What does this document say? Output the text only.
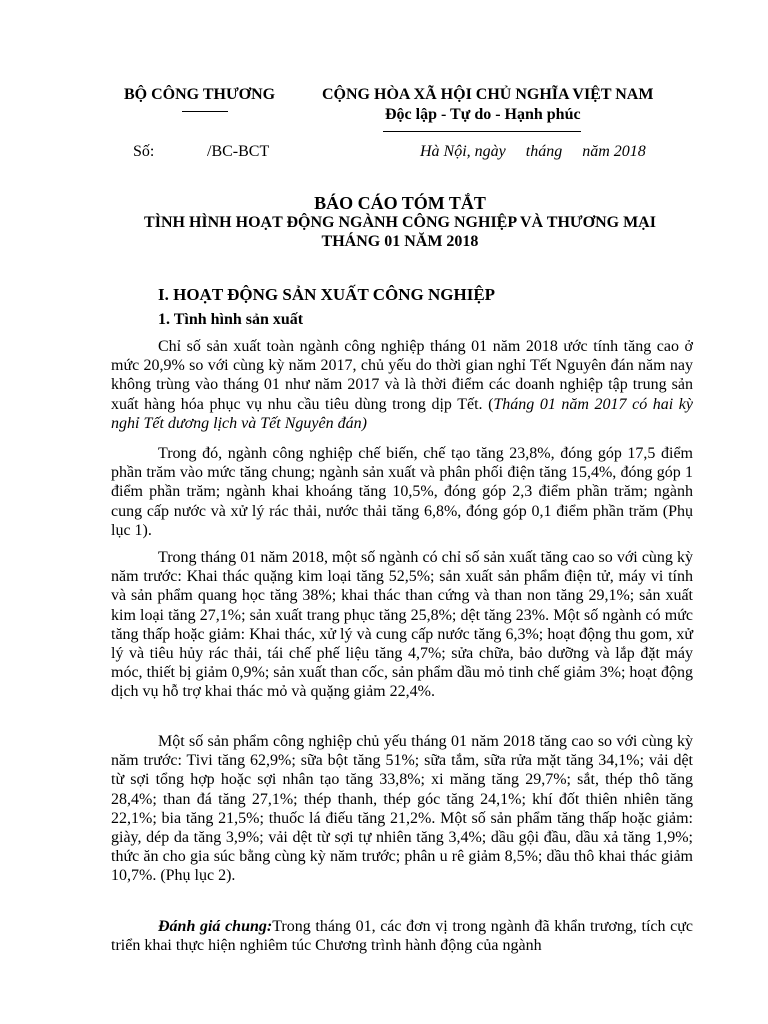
BỘ CÔNG THƯƠNG	CỘNG HÒA XÃ HỘI CHỦ NGHĨA VIỆT NAM
Độc lập - Tự do - Hạnh phúc
Số:	/BC-BCT	Hà Nội, ngày     tháng     năm 2018
BÁO CÁO TÓM TẮT
TÌNH HÌNH HOẠT ĐỘNG NGÀNH CÔNG NGHIỆP VÀ THƯƠNG MẠI
THÁNG 01 NĂM 2018
I. HOẠT ĐỘNG SẢN XUẤT CÔNG NGHIỆP
1. Tình hình sản xuất

Chỉ số sản xuất toàn ngành công nghiệp tháng 01 năm 2018 ước tính tăng cao ở mức 20,9% so với cùng kỳ năm 2017, chủ yếu do thời gian nghỉ Tết Nguyên đán năm nay không trùng vào tháng 01 như năm 2017 và là thời điểm các doanh nghiệp tập trung sản xuất hàng hóa phục vụ nhu cầu tiêu dùng trong dịp Tết. (Tháng 01 năm 2017 có hai kỳ nghỉ Tết dương lịch và Tết Nguyên đán)

Trong đó, ngành công nghiệp chế biến, chế tạo tăng 23,8%, đóng góp 17,5 điểm phần trăm vào mức tăng chung; ngành sản xuất và phân phối điện tăng 15,4%, đóng góp 1 điểm phần trăm; ngành khai khoáng tăng 10,5%, đóng góp 2,3 điểm phần trăm; ngành cung cấp nước và xử lý rác thải, nước thải tăng 6,8%, đóng góp 0,1 điểm phần trăm (Phụ lục 1).

Trong tháng 01 năm 2018, một số ngành có chỉ số sản xuất tăng cao so với cùng kỳ năm trước: Khai thác quặng kim loại tăng 52,5%; sản xuất sản phẩm điện tử, máy vi tính và sản phẩm quang học tăng 38%; khai thác than cứng và than non tăng 29,1%; sản xuất kim loại tăng 27,1%; sản xuất trang phục tăng 25,8%; dệt tăng 23%. Một số ngành có mức tăng thấp hoặc giảm: Khai thác, xử lý và cung cấp nước tăng 6,3%; hoạt động thu gom, xử lý và tiêu hủy rác thải, tái chế phế liệu tăng 4,7%; sửa chữa, bảo dưỡng và lắp đặt máy móc, thiết bị giảm 0,9%; sản xuất than cốc, sản phẩm dầu mỏ tinh chế giảm 3%; hoạt động dịch vụ hỗ trợ khai thác mỏ và quặng giảm 22,4%.

Một số sản phẩm công nghiệp chủ yếu tháng 01 năm 2018 tăng cao so với cùng kỳ năm trước: Tivi tăng 62,9%; sữa bột tăng 51%; sữa tắm, sữa rửa mặt tăng 34,1%; vải dệt từ sợi tổng hợp hoặc sợi nhân tạo tăng 33,8%; xi măng tăng 29,7%; sắt, thép thô tăng 28,4%; than đá tăng 27,1%; thép thanh, thép góc tăng 24,1%; khí đốt thiên nhiên tăng 22,1%; bia tăng 21,5%; thuốc lá điếu tăng 21,2%. Một số sản phẩm tăng thấp hoặc giảm: giày, dép da tăng 3,9%; vải dệt từ sợi tự nhiên tăng 3,4%; dầu gội đầu, dầu xả tăng 1,9%; thức ăn cho gia súc bằng cùng kỳ năm trước; phân u rê giảm 8,5%; dầu thô khai thác giảm 10,7%. (Phụ lục 2).

Đánh giá chung:Trong tháng 01, các đơn vị trong ngành đã khẩn trương, tích cực triển khai thực hiện nghiêm túc Chương trình hành động của ngành
